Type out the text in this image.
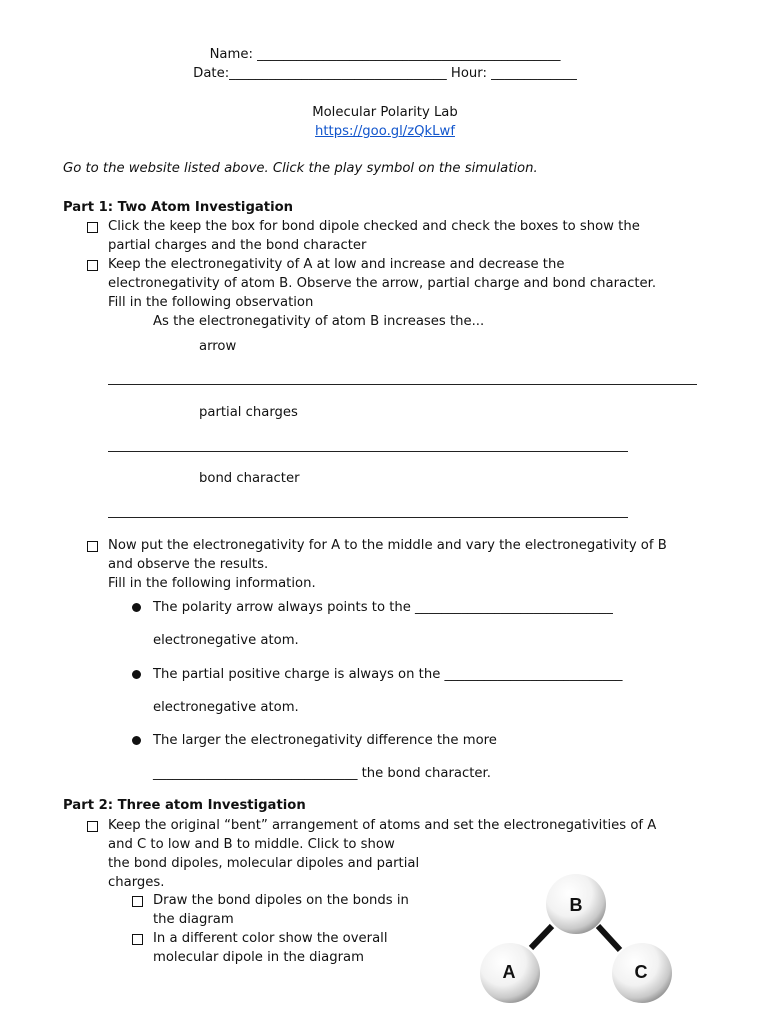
Name: ______________________________________________
Date:_________________________________ Hour: _____________
Molecular Polarity Lab
https://goo.gl/zQkLwf
Go to the website listed above. Click the play symbol on the simulation.
Part 1: Two Atom Investigation
Click the keep the box for bond dipole checked and check the boxes to show the
partial charges and the bond character
Keep the electronegativity of A at low and increase and decrease the
electronegativity of atom B. Observe the arrow, partial charge and bond character.
Fill in the following observation
As the electronegativity of atom B increases the...
arrow
partial charges
bond character
Now put the electronegativity for A to the middle and vary the electronegativity of B
and observe the results.
Fill in the following information.
The polarity arrow always points to the ______________________________
electronegative atom.
The partial positive charge is always on the ___________________________
electronegative atom.
The larger the electronegativity difference the more
_______________________________ the bond character.
Part 2: Three atom Investigation
Keep the original “bent” arrangement of atoms and set the electronegativities of A
and C to low and B to middle. Click to show
the bond dipoles, molecular dipoles and partial
charges.
Draw the bond dipoles on the bonds in
the diagram
In a different color show the overall
molecular dipole in the diagram
B
A	C
